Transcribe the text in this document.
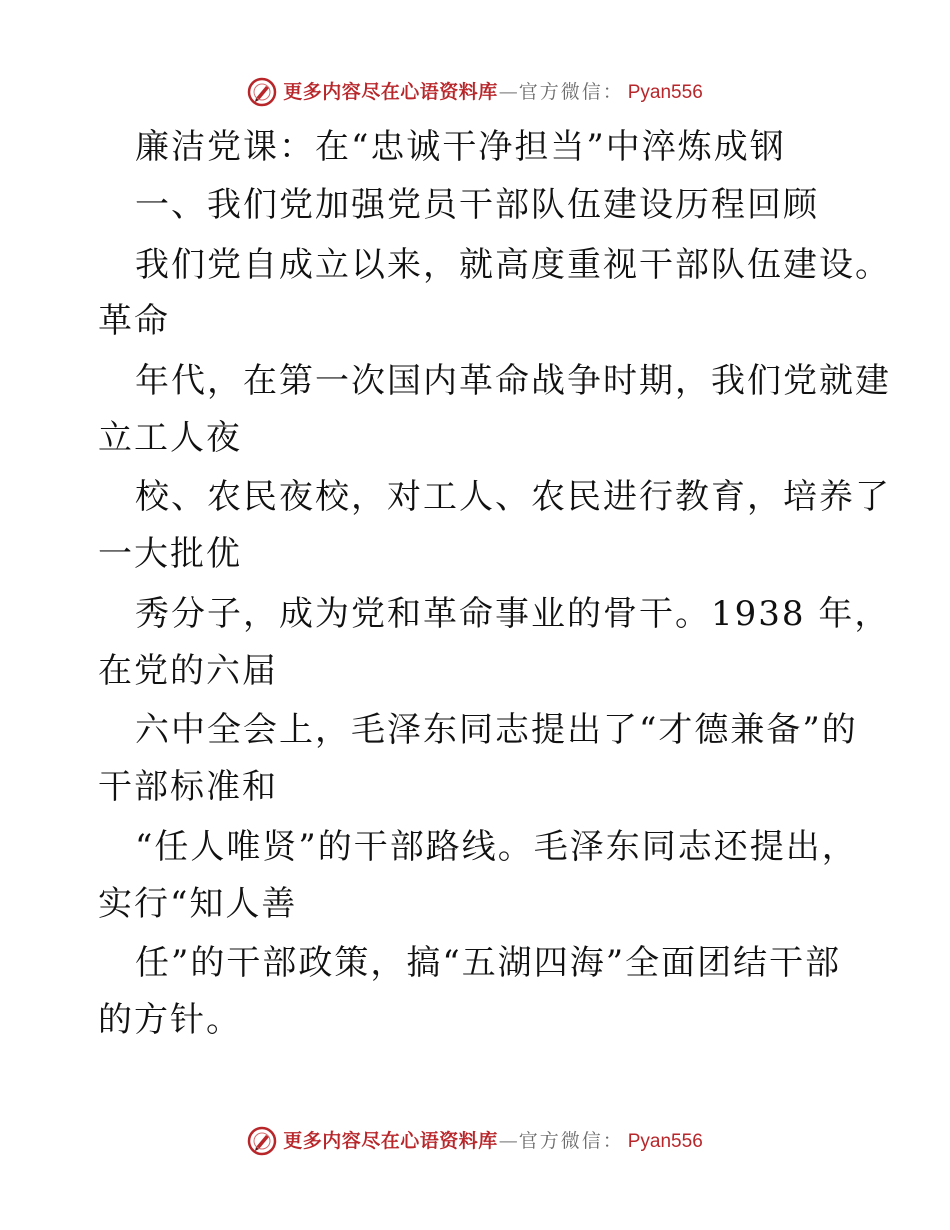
更多内容尽在心语资料库 — 官方微信： Pyan556
廉洁党课：在“忠诚干净担当”中淬炼成钢
一、我们党加强党员干部队伍建设历程回顾
我们党自成立以来，就高度重视干部队伍建设。
革命
年代，在第一次国内革命战争时期，我们党就建
立工人夜
校、农民夜校，对工人、农民进行教育，培养了
一大批优
秀分子，成为党和革命事业的骨干。1938 年，
在党的六届
六中全会上，毛泽东同志提出了“才德兼备”的
干部标准和
“任人唯贤”的干部路线。毛泽东同志还提出，
实行“知人善
任”的干部政策，搞“五湖四海”全面团结干部
的方针。
更多内容尽在心语资料库 — 官方微信： Pyan556
